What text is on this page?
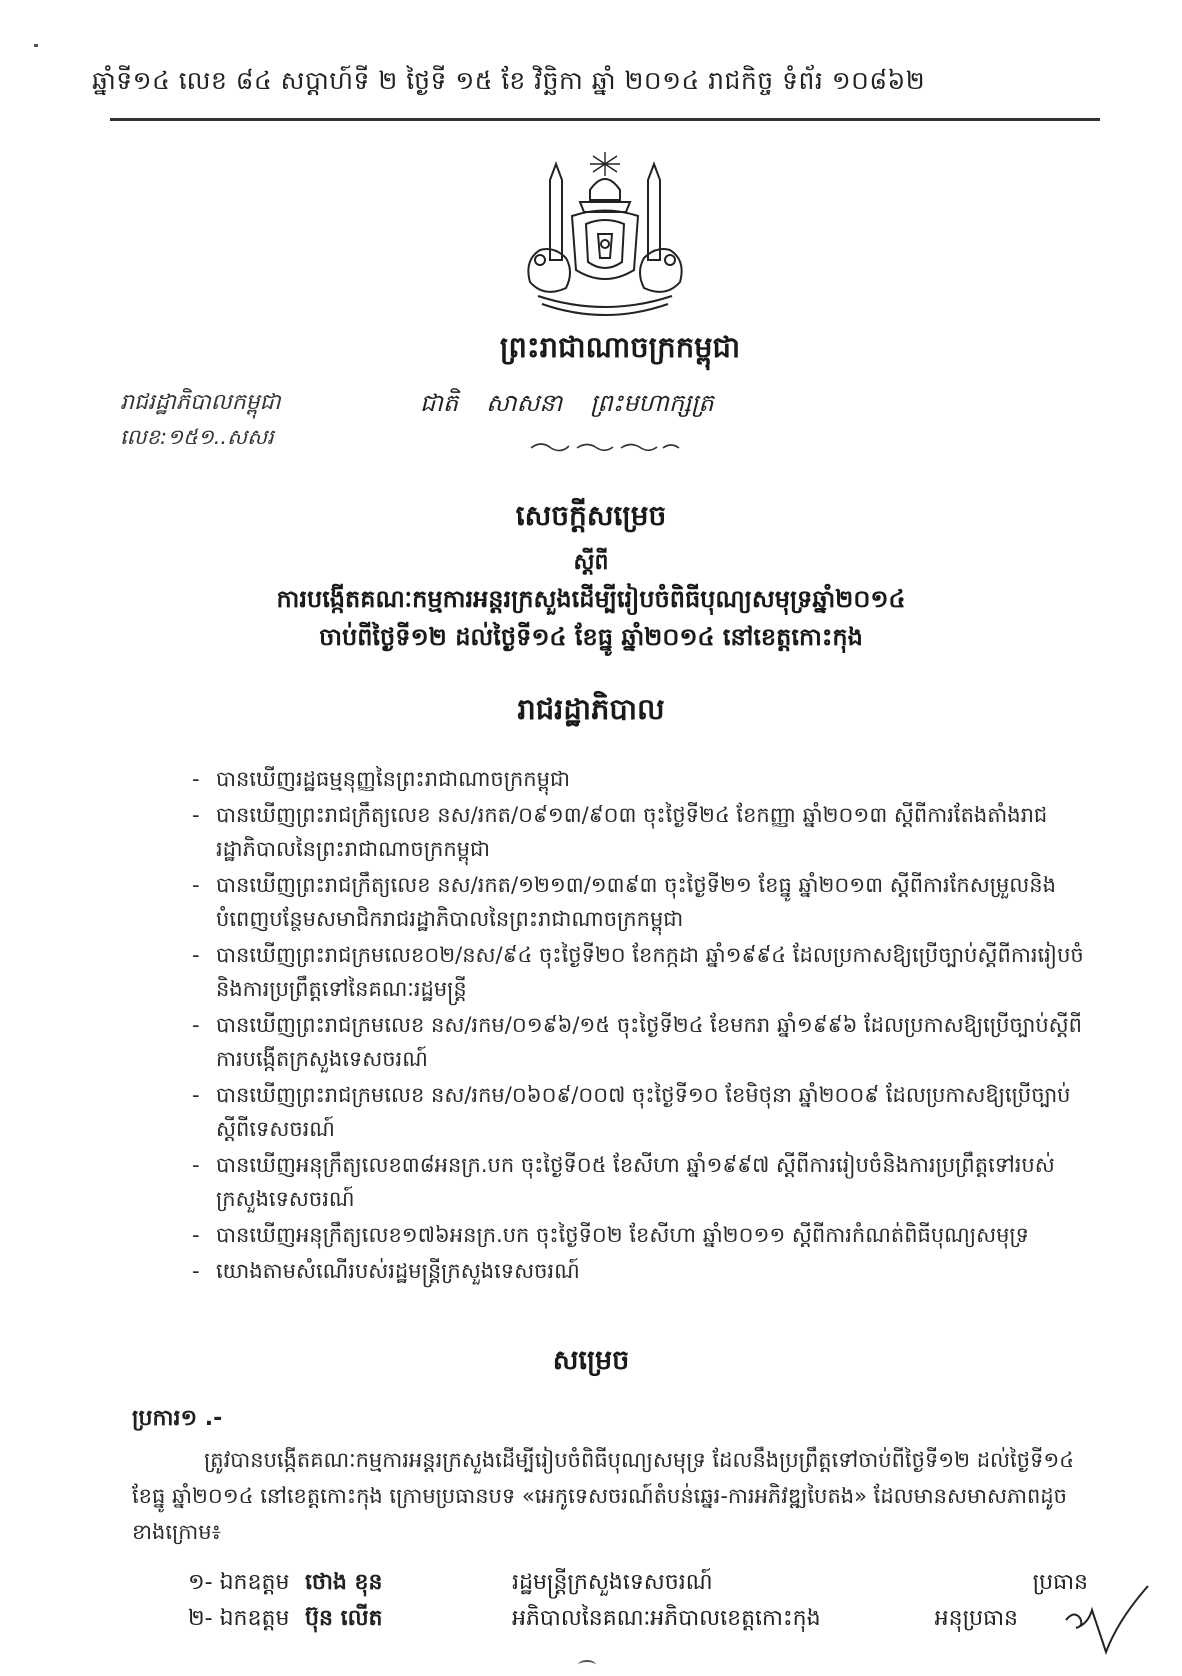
ឆ្នាំទី១៤ លេខ ៨៤ សប្តាហ៍ទី ២ ថ្ងៃទី ១៥ ខែ វិច្ឆិកា ឆ្នាំ ២០១៤ រាជកិច្ច ទំព័រ ១០៨៦២
ព្រះរាជាណាចក្រកម្ពុជា
រាជរដ្ឋាភិបាលកម្ពុជា
លេខ:១៥១..សសរ
ជាតិ សាសនា ព្រះមហាក្សត្រ
សេចក្ដីសម្រេច
ស្ដីពី
ការបង្កើតគណៈកម្មការអន្តរក្រសួងដើម្បីរៀបចំពិធីបុណ្យសមុទ្រឆ្នាំ២០១៤
ចាប់ពីថ្ងៃទី១២ ដល់ថ្ងៃទី១៤ ខែធ្នូ ឆ្នាំ២០១៤ នៅខេត្តកោះកុង
រាជរដ្ឋាភិបាល
- បានឃើញរដ្ឋធម្មនុញ្ញនៃព្រះរាជាណាចក្រកម្ពុជា
- បានឃើញព្រះរាជក្រឹត្យលេខ នស/រកត/០៩១៣/៩០៣ ចុះថ្ងៃទី២៤ ខែកញ្ញា ឆ្នាំ២០១៣ ស្ដីពីការតែងតាំងរាជរដ្ឋាភិបាលនៃព្រះរាជាណាចក្រកម្ពុជា
- បានឃើញព្រះរាជក្រឹត្យលេខ នស/រកត/១២១៣/១៣៩៣ ចុះថ្ងៃទី២១ ខែធ្នូ ឆ្នាំ២០១៣ ស្ដីពីការកែសម្រួលនិងបំពេញបន្ថែមសមាជិករាជរដ្ឋាភិបាលនៃព្រះរាជាណាចក្រកម្ពុជា
- បានឃើញព្រះរាជក្រមលេខ០២/នស/៩៤ ចុះថ្ងៃទី២០ ខែកក្កដា ឆ្នាំ១៩៩៤ ដែលប្រកាសឱ្យប្រើច្បាប់ស្ដីពីការរៀបចំនិងការប្រព្រឹត្តទៅនៃគណៈរដ្ឋមន្ត្រី
- បានឃើញព្រះរាជក្រមលេខ នស/រកម/០១៩៦/១៥ ចុះថ្ងៃទី២៤ ខែមករា ឆ្នាំ១៩៩៦ ដែលប្រកាសឱ្យប្រើច្បាប់ស្ដីពីការបង្កើតក្រសួងទេសចរណ៍
- បានឃើញព្រះរាជក្រមលេខ នស/រកម/០៦០៩/០០៧ ចុះថ្ងៃទី១០ ខែមិថុនា ឆ្នាំ២០០៩ ដែលប្រកាសឱ្យប្រើច្បាប់ស្ដីពីទេសចរណ៍
- បានឃើញអនុក្រឹត្យលេខ៣៨អនក្រ.បក ចុះថ្ងៃទី០៥ ខែសីហា ឆ្នាំ១៩៩៧ ស្ដីពីការរៀបចំនិងការប្រព្រឹត្តទៅរបស់ក្រសួងទេសចរណ៍
- បានឃើញអនុក្រឹត្យលេខ១៧៦អនក្រ.បក ចុះថ្ងៃទី០២ ខែសីហា ឆ្នាំ២០១១ ស្ដីពីការកំណត់ពិធីបុណ្យសមុទ្រ
- យោងតាមសំណើរបស់រដ្ឋមន្ត្រីក្រសួងទេសចរណ៍
សម្រេច
ប្រការ១ .-
ត្រូវបានបង្កើតគណៈកម្មការអន្តរក្រសួងដើម្បីរៀបចំពិធីបុណ្យសមុទ្រ ដែលនឹងប្រព្រឹត្តទៅចាប់ពីថ្ងៃទី១២ ដល់ថ្ងៃទី១៤ ខែធ្នូ ឆ្នាំ២០១៤ នៅខេត្តកោះកុង ក្រោមប្រធានបទ «អេកូទេសចរណ៍តំបន់ឆ្នេរ-ការអភិវឌ្ឍបៃតង» ដែលមានសមាសភាពដូចខាងក្រោម៖
១- ឯកឧត្តម ថោង ខុន	រដ្ឋមន្ត្រីក្រសួងទេសចរណ៍	ប្រធាន
២- ឯកឧត្តម ប៊ុន លើត	អភិបាលនៃគណៈអភិបាលខេត្តកោះកុង	អនុប្រធាន
